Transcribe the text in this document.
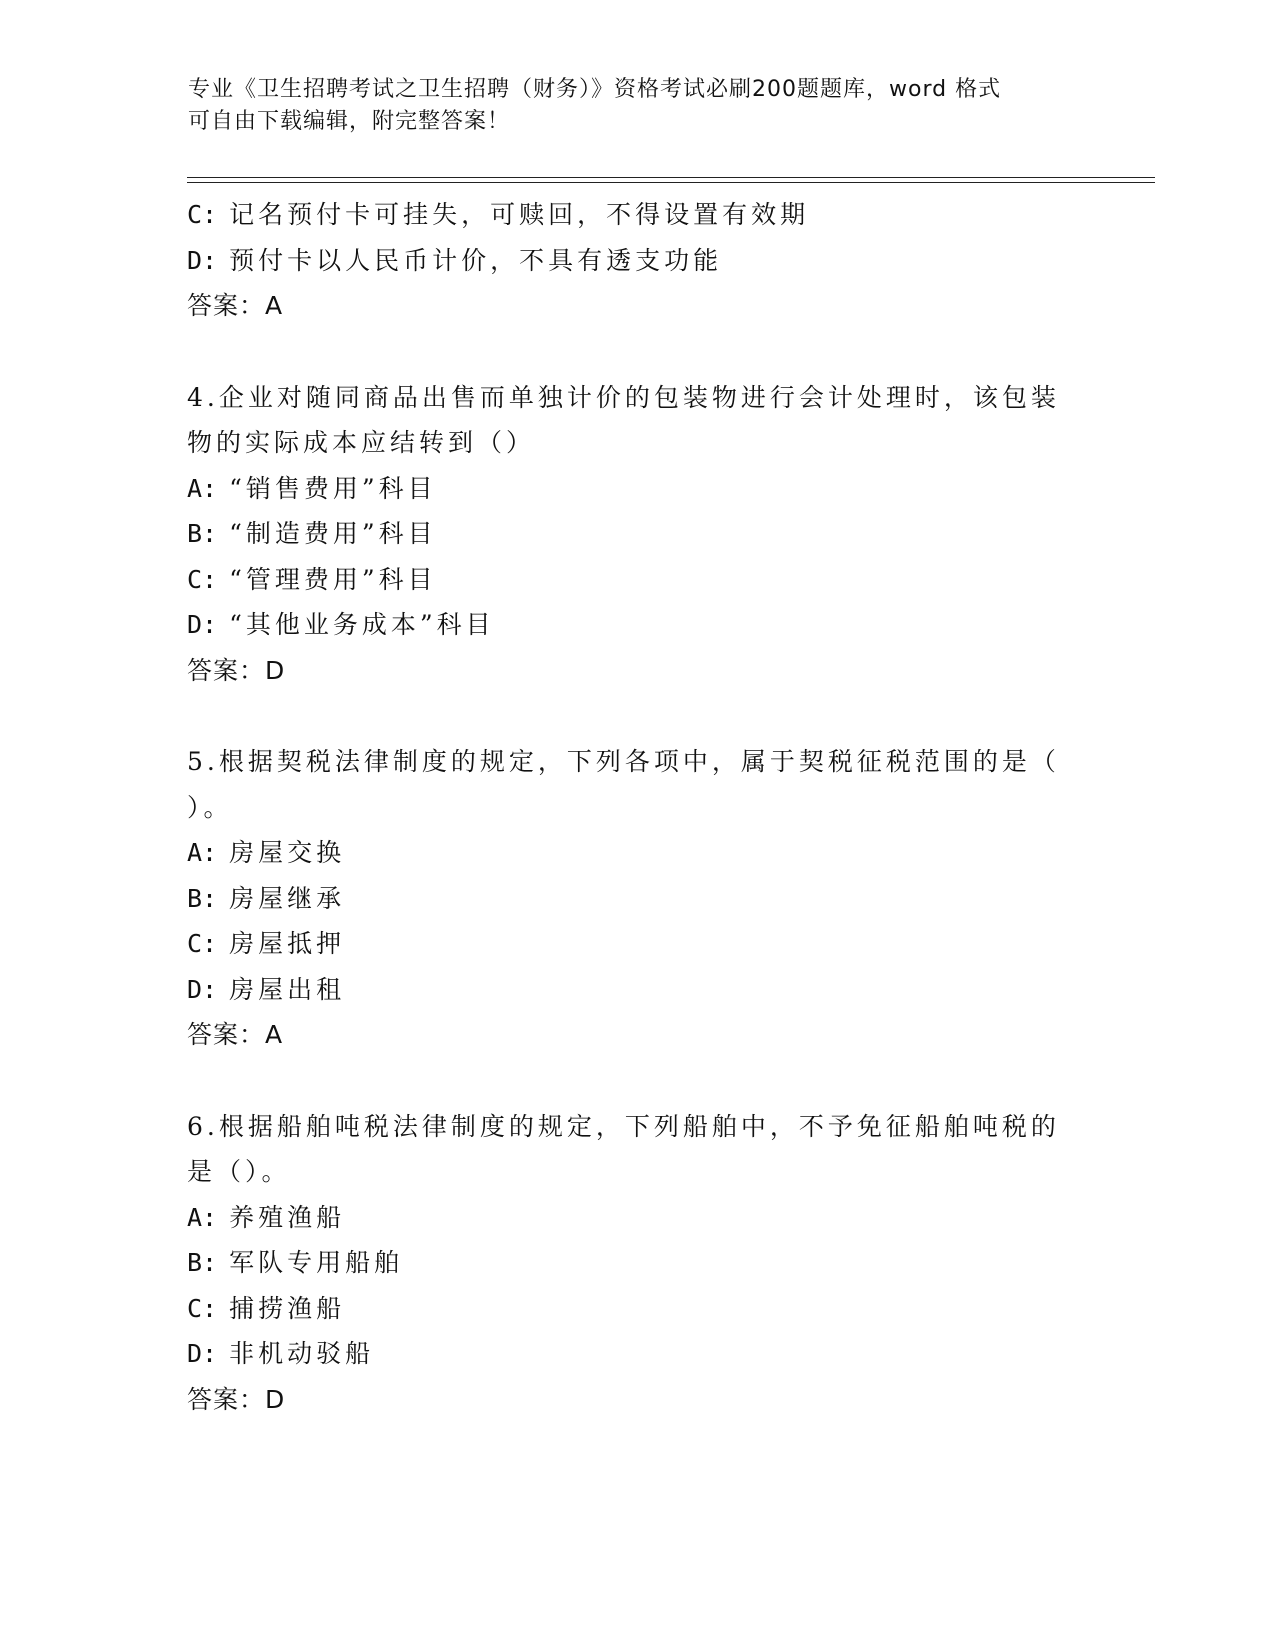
专业《卫生招聘考试之卫生招聘（财务）》资格考试必刷200题题库，word 格式
可自由下载编辑，附完整答案！
C: 记名预付卡可挂失，可赎回，不得设置有效期
D: 预付卡以人民币计价，不具有透支功能
答案：A
4.企业对随同商品出售而单独计价的包装物进行会计处理时，该包装
物的实际成本应结转到（）
A: “销售费用”科目
B: “制造费用”科目
C: “管理费用”科目
D: “其他业务成本”科目
答案：D
5.根据契税法律制度的规定，下列各项中，属于契税征税范围的是（
）。
A: 房屋交换
B: 房屋继承
C: 房屋抵押
D: 房屋出租
答案：A
6.根据船舶吨税法律制度的规定，下列船舶中，不予免征船舶吨税的
是（）。
A: 养殖渔船
B: 军队专用船舶
C: 捕捞渔船
D: 非机动驳船
答案：D
